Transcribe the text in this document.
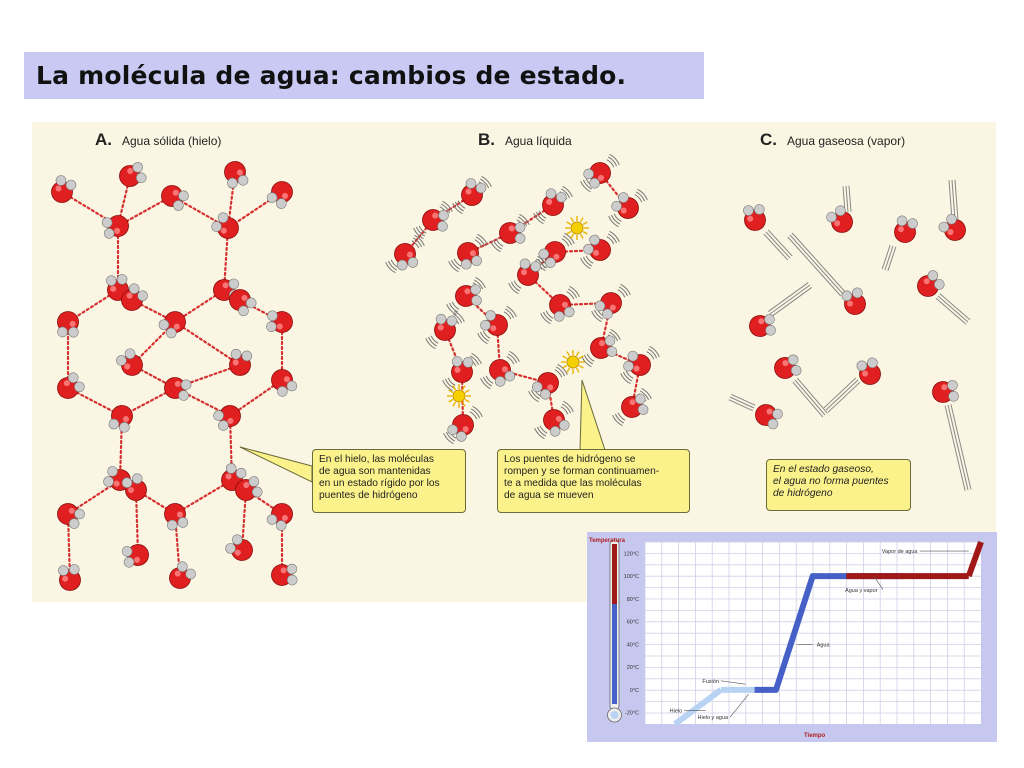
La molécula de agua: cambios de estado.
A. Agua sólida (hielo)	B. Agua líquida	C. Agua gaseosa (vapor)
En el hielo, las moléculas
de agua son mantenidas
en un estado rígido por los
puentes de hidrógeno
Los puentes de hidrógeno se
rompen y se forman continuamen-
te a medida que las moléculas
de agua se mueven
En el estado gaseoso,
el agua no forma puentes
de hidrógeno
120°C
100°C
80°C
60°C
40°C
20°C
0°C
-20°C
Vapor de agua
Agua y vapor
Agua
Fusión
Hielo
Hielo y agua
Temperatura
Tiempo
